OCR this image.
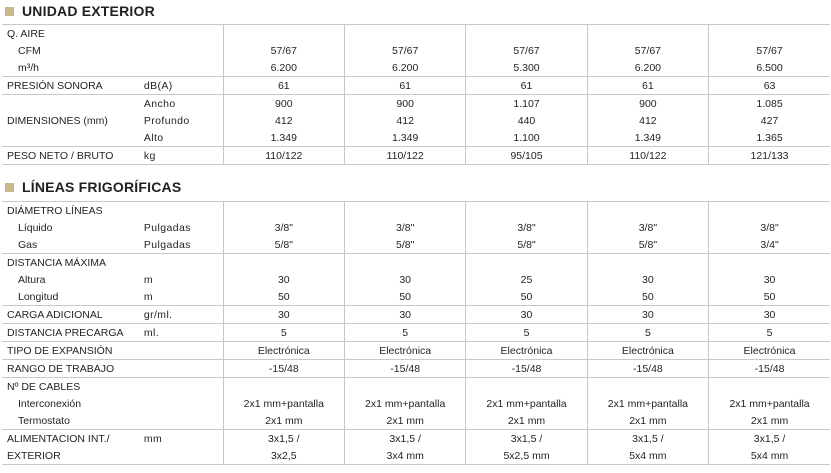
UNIDAD EXTERIOR
Q. AIRE						
CFM		57/67	57/67	57/67	57/67	57/67
m³/h		6.200	6.200	5.300	6.200	6.500
PRESIÓN SONORA	dB(A)	61	61	61	61	63
	Ancho	900	900	1.107	900	1.085
DIMENSIONES (mm)	Profundo	412	412	440	412	427
	Alto	1.349	1.349	1.100	1.349	1.365
PESO NETO / BRUTO	kg	110/122	110/122	95/105	110/122	121/133
LÍNEAS FRIGORÍFICAS
DIÁMETRO LÍNEAS						
Líquido	Pulgadas	3/8"	3/8"	3/8"	3/8"	3/8"
Gas	Pulgadas	5/8"	5/8"	5/8"	5/8"	3/4"
DISTANCIA MÁXIMA						
Altura	m	30	30	25	30	30
Longitud	m	50	50	50	50	50
CARGA ADICIONAL	gr/ml.	30	30	30	30	30
DISTANCIA PRECARGA	ml.	5	5	5	5	5
TIPO DE EXPANSIÓN		Electrónica	Electrónica	Electrónica	Electrónica	Electrónica
RANGO DE TRABAJO		-15/48	-15/48	-15/48	-15/48	-15/48
Nº DE CABLES						
Interconexión		2x1 mm+pantalla	2x1 mm+pantalla	2x1 mm+pantalla	2x1 mm+pantalla	2x1 mm+pantalla
Termostato		2x1 mm	2x1 mm	2x1 mm	2x1 mm	2x1 mm
ALIMENTACION INT./	mm	3x1,5 /	3x1,5 /	3x1,5 /	3x1,5 /	3x1,5 /
EXTERIOR		3x2,5	3x4 mm	5x2,5 mm	5x4 mm	5x4 mm
